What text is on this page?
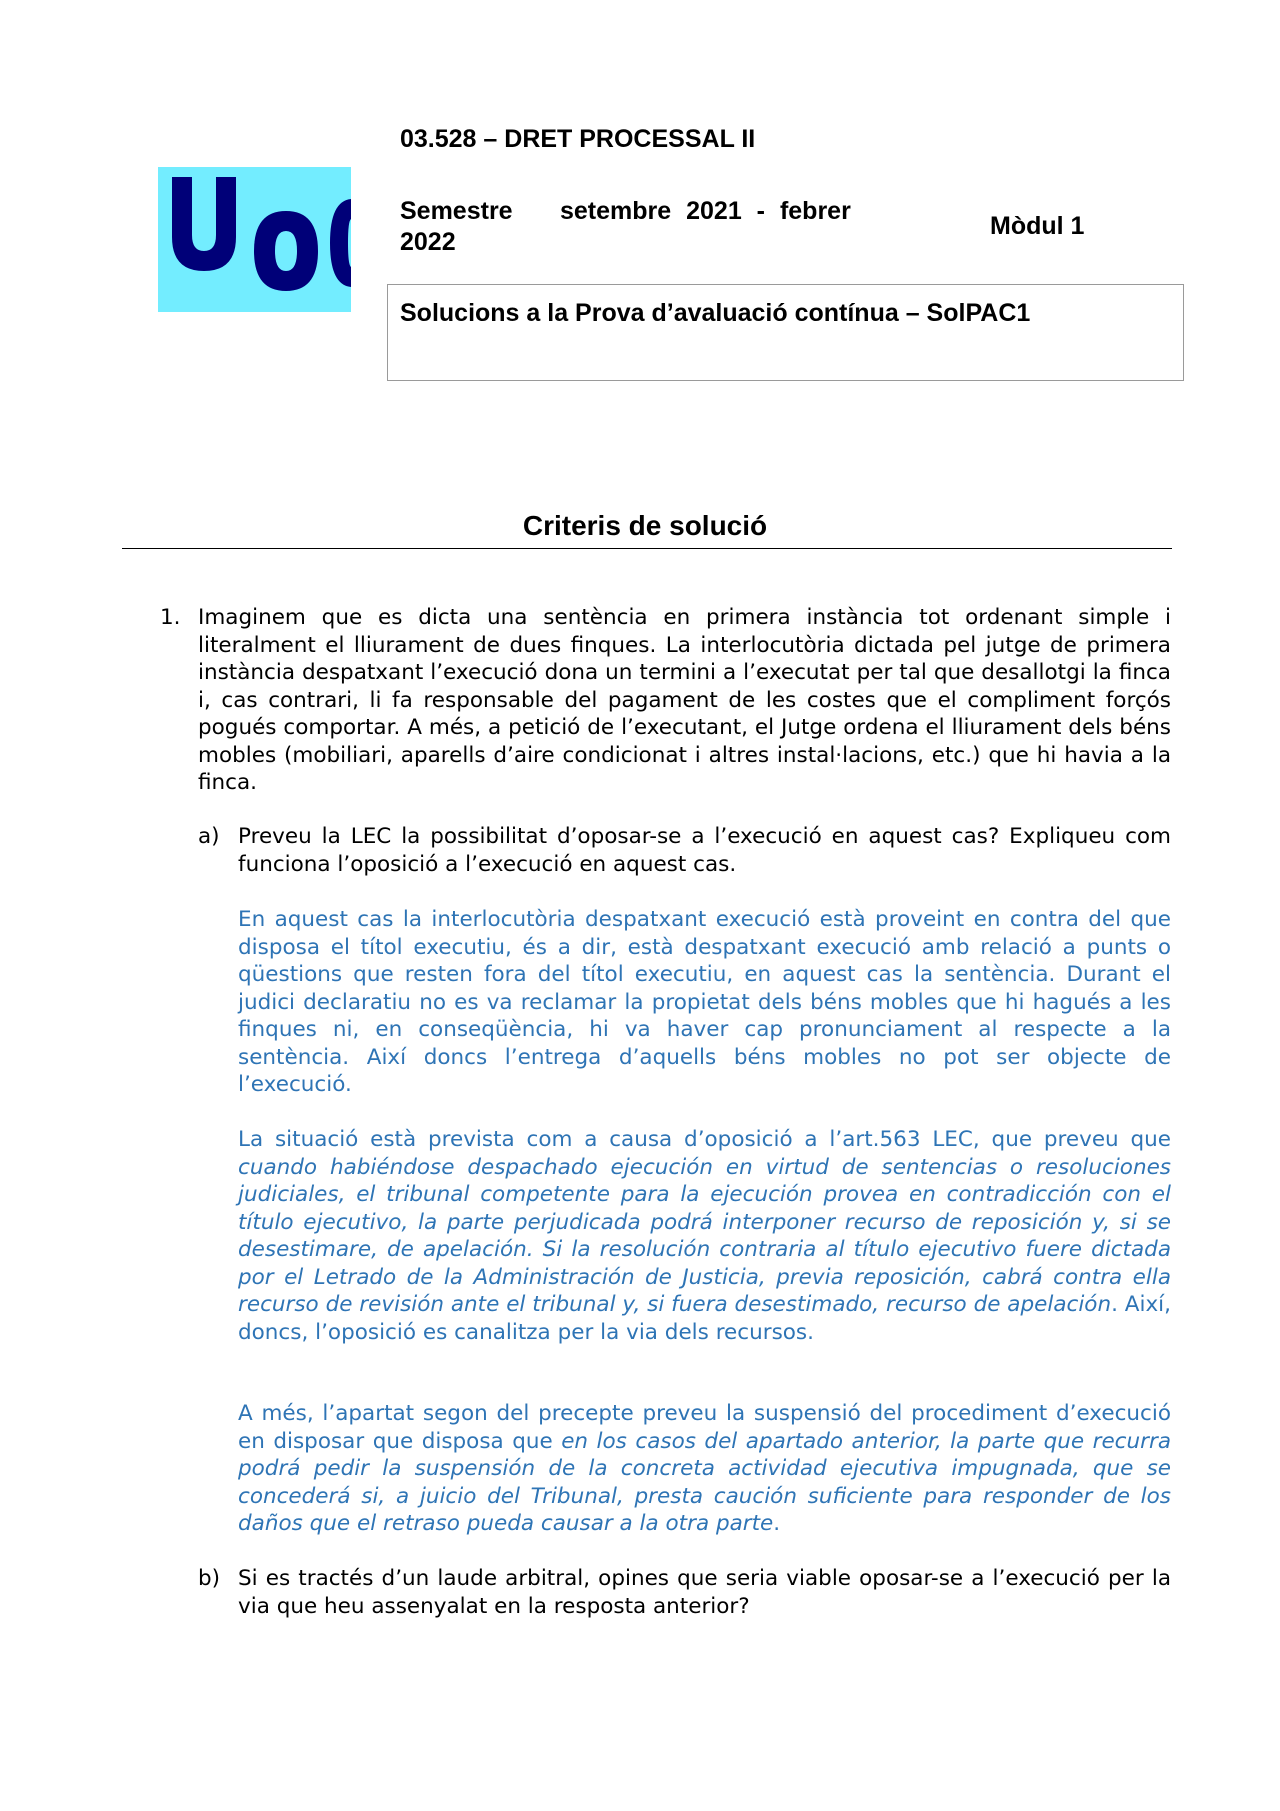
03.528 – DRET PROCESSAL II
Semestre setembre 2021 - febrer
2022
Mòdul 1
Solucions a la Prova d’avaluació contínua – SolPAC1
Criteris de solució
1. Imaginem que es dicta una sentència en primera instància tot ordenant simple i literalment el lliurament de dues finques. La interlocutòria dictada pel jutge de primera instància despatxant l’execució dona un termini a l’executat per tal que desallotgi la finca i, cas contrari, li fa responsable del pagament de les costes que el compliment forçós pogués comportar. A més, a petició de l’executant, el Jutge ordena el lliurament dels béns mobles (mobiliari, aparells d’aire condicionat i altres instal·lacions, etc.) que hi havia a la finca.
a) Preveu la LEC la possibilitat d’oposar-se a l’execució en aquest cas? Expliqueu com funciona l’oposició a l’execució en aquest cas.
En aquest cas la interlocutòria despatxant execució està proveint en contra del que disposa el títol executiu, és a dir, està despatxant execució amb relació a punts o qüestions que resten fora del títol executiu, en aquest cas la sentència. Durant el judici declaratiu no es va reclamar la propietat dels béns mobles que hi hagués a les finques ni, en conseqüència, hi va haver cap pronunciament al respecte a la sentència. Així doncs l’entrega d’aquells béns mobles no pot ser objecte de l’execució.
La situació està prevista com a causa d’oposició a l’art.563 LEC, que preveu que cuando habiéndose despachado ejecución en virtud de sentencias o resoluciones judiciales, el tribunal competente para la ejecución provea en contradicción con el título ejecutivo, la parte perjudicada podrá interponer recurso de reposición y, si se desestimare, de apelación. Si la resolución contraria al título ejecutivo fuere dictada por el Letrado de la Administración de Justicia, previa reposición, cabrá contra ella recurso de revisión ante el tribunal y, si fuera desestimado, recurso de apelación. Així, doncs, l’oposició es canalitza per la via dels recursos.
A més, l’apartat segon del precepte preveu la suspensió del procediment d’execució en disposar que disposa que en los casos del apartado anterior, la parte que recurra podrá pedir la suspensión de la concreta actividad ejecutiva impugnada, que se concederá si, a juicio del Tribunal, presta caución suficiente para responder de los daños que el retraso pueda causar a la otra parte.
b) Si es tractés d’un laude arbitral, opines que seria viable oposar-se a l’execució per la via que heu assenyalat en la resposta anterior?
